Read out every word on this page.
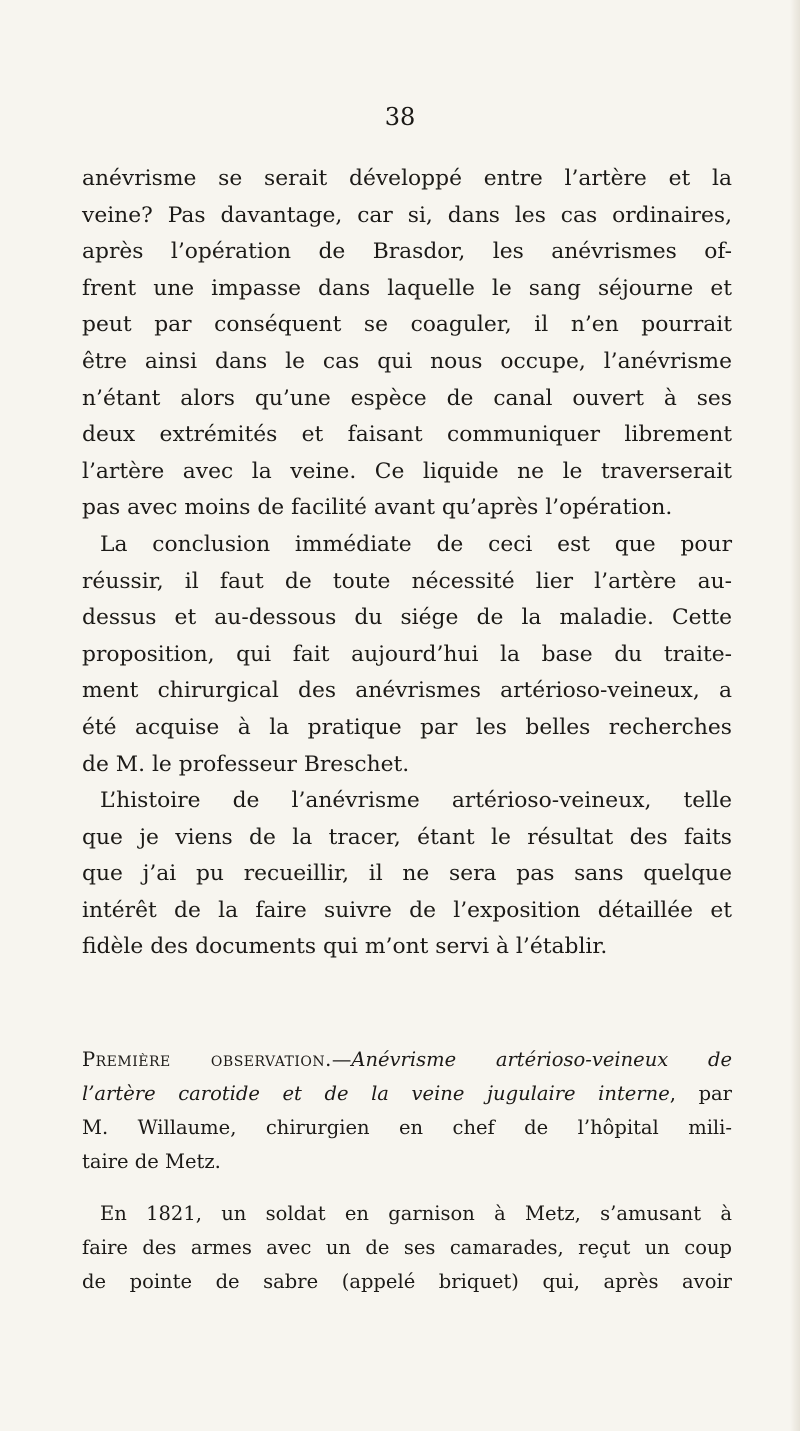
38
anévrisme se serait développé entre l’artère et la
veine? Pas davantage, car si, dans les cas ordinaires,
après l’opération de Brasdor, les anévrismes of-
frent une impasse dans laquelle le sang séjourne et
peut par conséquent se coaguler, il n’en pourrait
être ainsi dans le cas qui nous occupe, l’anévrisme
n’étant alors qu’une espèce de canal ouvert à ses
deux extrémités et faisant communiquer librement
l’artère avec la veine. Ce liquide ne le traverserait
pas avec moins de facilité avant qu’après l’opération.
La conclusion immédiate de ceci est que pour
réussir, il faut de toute nécessité lier l’artère au-
dessus et au-dessous du siége de la maladie. Cette
proposition, qui fait aujourd’hui la base du traite-
ment chirurgical des anévrismes artérioso-veineux, a
été acquise à la pratique par les belles recherches
de M. le professeur Breschet.
L’histoire de l’anévrisme artérioso-veineux, telle
que je viens de la tracer, étant le résultat des faits
que j’ai pu recueillir, il ne sera pas sans quelque
intérêt de la faire suivre de l’exposition détaillée et
fidèle des documents qui m’ont servi à l’établir.
Première observation.—Anévrisme artérioso-veineux de
l’artère carotide et de la veine jugulaire interne, par
M. Willaume, chirurgien en chef de l’hôpital mili-
taire de Metz.
En 1821, un soldat en garnison à Metz, s’amusant à
faire des armes avec un de ses camarades, reçut un coup
de pointe de sabre (appelé briquet) qui, après avoir
